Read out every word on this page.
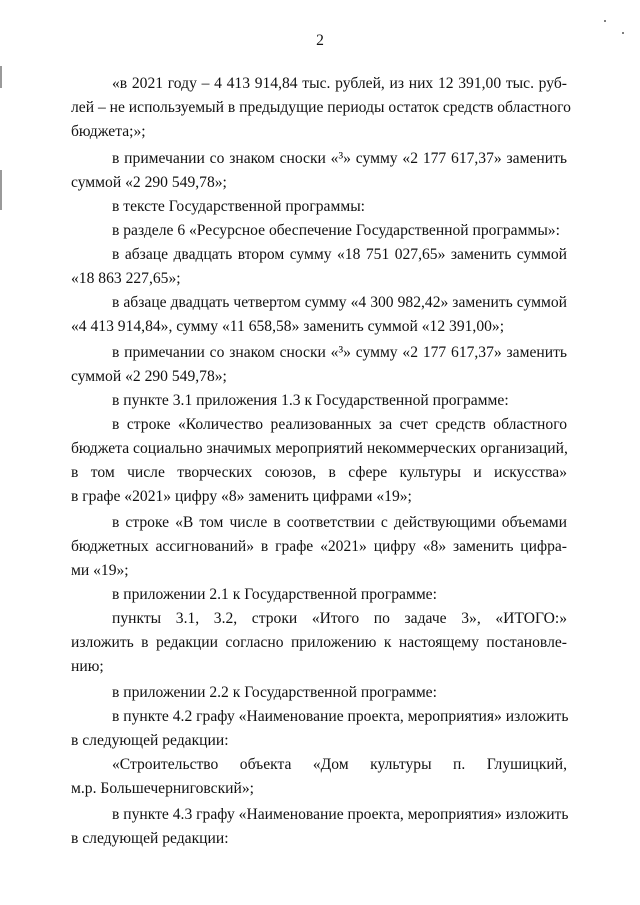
2
«в 2021 году – 4 413 914,84 тыс. рублей, из них 12 391,00 тыс. руб-
лей – не используемый в предыдущие периоды остаток средств областного
бюджета;»;
в примечании со знаком сноски «³» сумму «2 177 617,37» заменить
суммой «2 290 549,78»;
в тексте Государственной программы:
в разделе 6 «Ресурсное обеспечение Государственной программы»:
в абзаце двадцать втором сумму «18 751 027,65» заменить суммой
«18 863 227,65»;
в абзаце двадцать четвертом сумму «4 300 982,42» заменить суммой
«4 413 914,84», сумму «11 658,58» заменить суммой «12 391,00»;
в примечании со знаком сноски «³» сумму «2 177 617,37» заменить
суммой «2 290 549,78»;
в пункте 3.1 приложения 1.3 к Государственной программе:
в строке «Количество реализованных за счет средств областного
бюджета социально значимых мероприятий некоммерческих организаций,
в том числе творческих союзов, в сфере культуры и искусства»
в графе «2021» цифру «8» заменить цифрами «19»;
в строке «В том числе в соответствии с действующими объемами
бюджетных ассигнований» в графе «2021» цифру «8» заменить цифра-
ми «19»;
в приложении 2.1 к Государственной программе:
пункты 3.1, 3.2, строки «Итого по задаче 3», «ИТОГО:»
изложить в редакции согласно приложению к настоящему постановле-
нию;
в приложении 2.2 к Государственной программе:
в пункте 4.2 графу «Наименование проекта, мероприятия» изложить
в следующей редакции:
«Строительство объекта «Дом культуры п. Глушицкий,
м.р. Большечерниговский»;
в пункте 4.3 графу «Наименование проекта, мероприятия» изложить
в следующей редакции:
